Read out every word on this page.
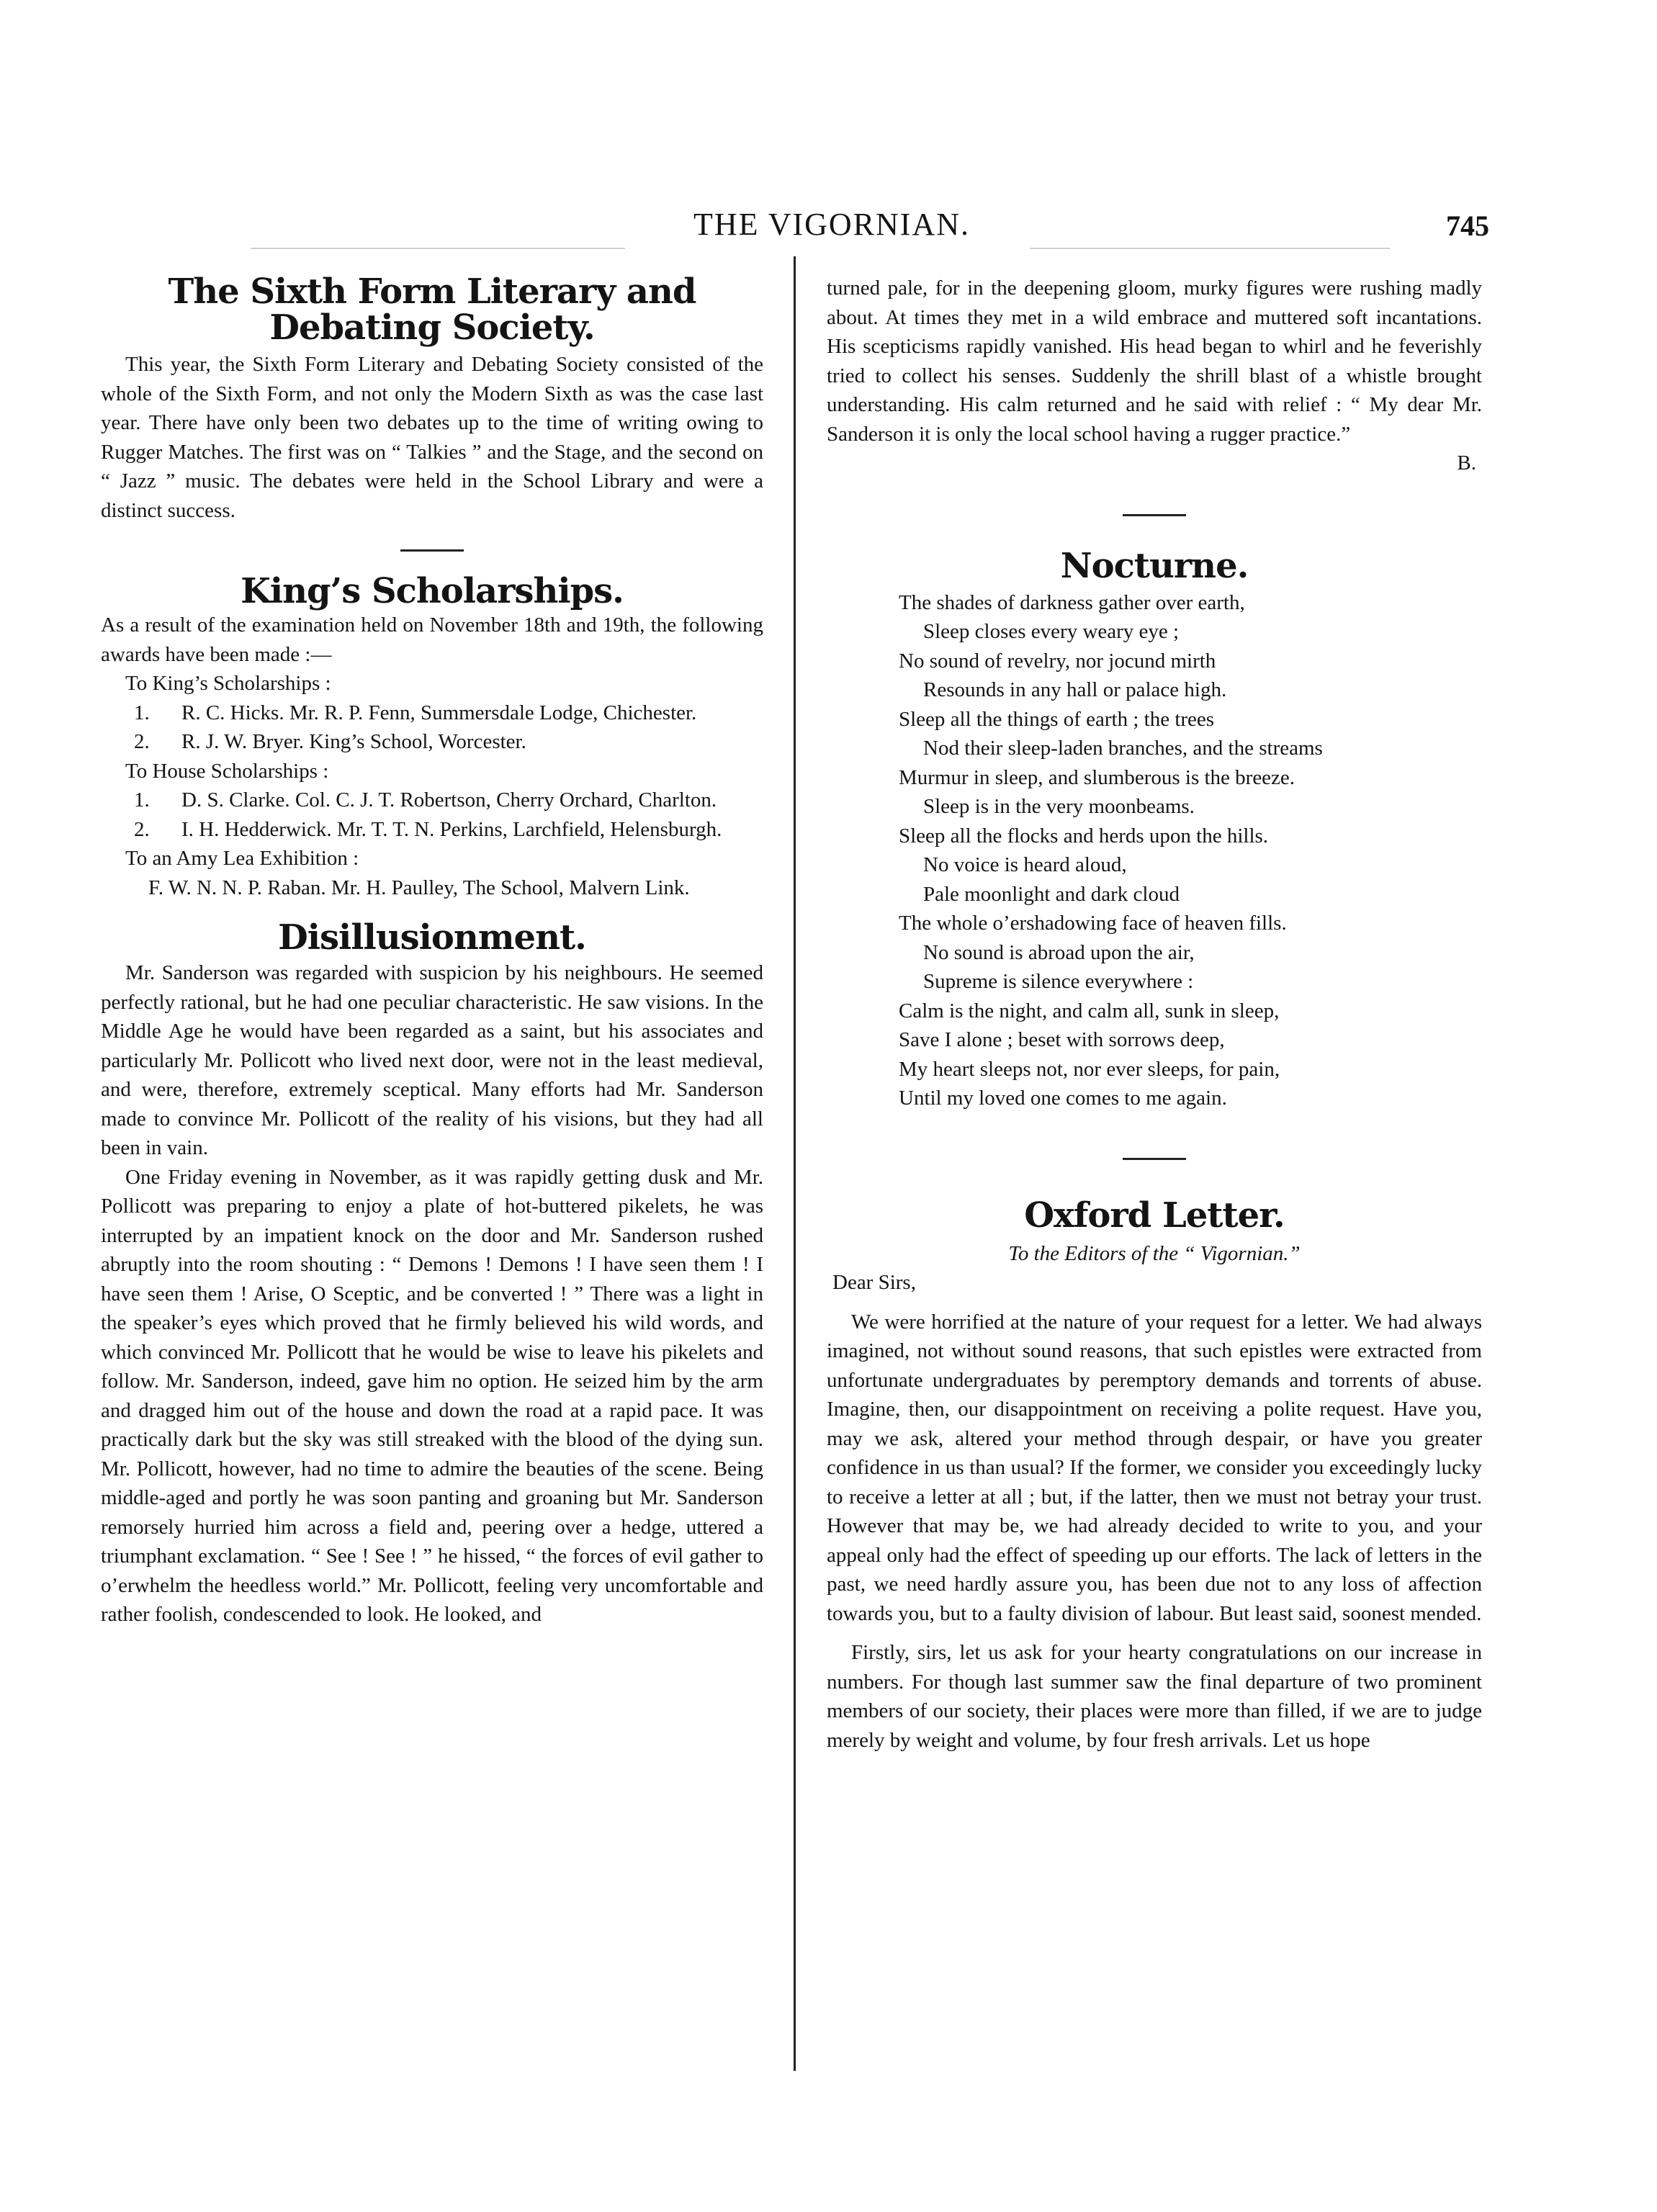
THE VIGORNIAN.	745
The Sixth Form Literary and Debating Society.

This year, the Sixth Form Literary and Debating Society consisted of the whole of the Sixth Form, and not only the Modern Sixth as was the case last year. There have only been two debates up to the time of writing owing to Rugger Matches. The first was on “ Talkies ” and the Stage, and the second on “ Jazz ” music. The debates were held in the School Library and were a distinct success.

King’s Scholarships.

As a result of the examination held on November 18th and 19th, the following awards have been made :—

To King’s Scholarships :

1. R. C. Hicks. Mr. R. P. Fenn, Summersdale Lodge, Chichester.

2. R. J. W. Bryer. King’s School, Worcester.

To House Scholarships :

1. D. S. Clarke. Col. C. J. T. Robertson, Cherry Orchard, Charlton.

2. I. H. Hedderwick. Mr. T. T. N. Perkins, Larchfield, Helensburgh.

To an Amy Lea Exhibition :

F. W. N. N. P. Raban. Mr. H. Paulley, The School, Malvern Link.

Disillusionment.

Mr. Sanderson was regarded with suspicion by his neighbours. He seemed perfectly rational, but he had one peculiar characteristic. He saw visions. In the Middle Age he would have been regarded as a saint, but his associates and particularly Mr. Pollicott who lived next door, were not in the least medieval, and were, therefore, extremely sceptical. Many efforts had Mr. Sanderson made to convince Mr. Pollicott of the reality of his visions, but they had all been in vain.

One Friday evening in November, as it was rapidly getting dusk and Mr. Pollicott was preparing to enjoy a plate of hot-buttered pikelets, he was interrupted by an impatient knock on the door and Mr. Sanderson rushed abruptly into the room shouting : “ Demons ! Demons ! I have seen them ! I have seen them ! Arise, O Sceptic, and be converted ! ” There was a light in the speaker’s eyes which proved that he firmly believed his wild words, and which convinced Mr. Pollicott that he would be wise to leave his pikelets and follow. Mr. Sanderson, indeed, gave him no option. He seized him by the arm and dragged him out of the house and down the road at a rapid pace. It was practically dark but the sky was still streaked with the blood of the dying sun. Mr. Pollicott, however, had no time to admire the beauties of the scene. Being middle-aged and portly he was soon panting and groaning but Mr. Sanderson remorsely hurried him across a field and, peering over a hedge, uttered a triumphant exclamation. “ See ! See ! ” he hissed, “ the forces of evil gather to o’erwhelm the heedless world.” Mr. Pollicott, feeling very uncomfortable and rather foolish, condescended to look. He looked, and

turned pale, for in the deepening gloom, murky figures were rushing madly about. At times they met in a wild embrace and muttered soft incantations. His scepticisms rapidly vanished. His head began to whirl and he feverishly tried to collect his senses. Suddenly the shrill blast of a whistle brought understanding. His calm returned and he said with relief : “ My dear Mr. Sanderson it is only the local school having a rugger practice.”

B.

Nocturne.

The shades of darkness gather over earth,

Sleep closes every weary eye ;

No sound of revelry, nor jocund mirth

Resounds in any hall or palace high.

Sleep all the things of earth ; the trees

Nod their sleep-laden branches, and the streams

Murmur in sleep, and slumberous is the breeze.

Sleep is in the very moonbeams.

Sleep all the flocks and herds upon the hills.

No voice is heard aloud,

Pale moonlight and dark cloud

The whole o’ershadowing face of heaven fills.

No sound is abroad upon the air,

Supreme is silence everywhere :

Calm is the night, and calm all, sunk in sleep,

Save I alone ; beset with sorrows deep,

My heart sleeps not, nor ever sleeps, for pain,

Until my loved one comes to me again.

Oxford Letter.

To the Editors of the “ Vigornian.”

Dear Sirs,

We were horrified at the nature of your request for a letter. We had always imagined, not without sound reasons, that such epistles were extracted from unfortunate undergraduates by peremptory demands and torrents of abuse. Imagine, then, our disappointment on receiving a polite request. Have you, may we ask, altered your method through despair, or have you greater confidence in us than usual? If the former, we consider you exceedingly lucky to receive a letter at all ; but, if the latter, then we must not betray your trust. However that may be, we had already decided to write to you, and your appeal only had the effect of speeding up our efforts. The lack of letters in the past, we need hardly assure you, has been due not to any loss of affection towards you, but to a faulty division of labour. But least said, soonest mended.

Firstly, sirs, let us ask for your hearty congratulations on our increase in numbers. For though last summer saw the final departure of two prominent members of our society, their places were more than filled, if we are to judge merely by weight and volume, by four fresh arrivals. Let us hope
